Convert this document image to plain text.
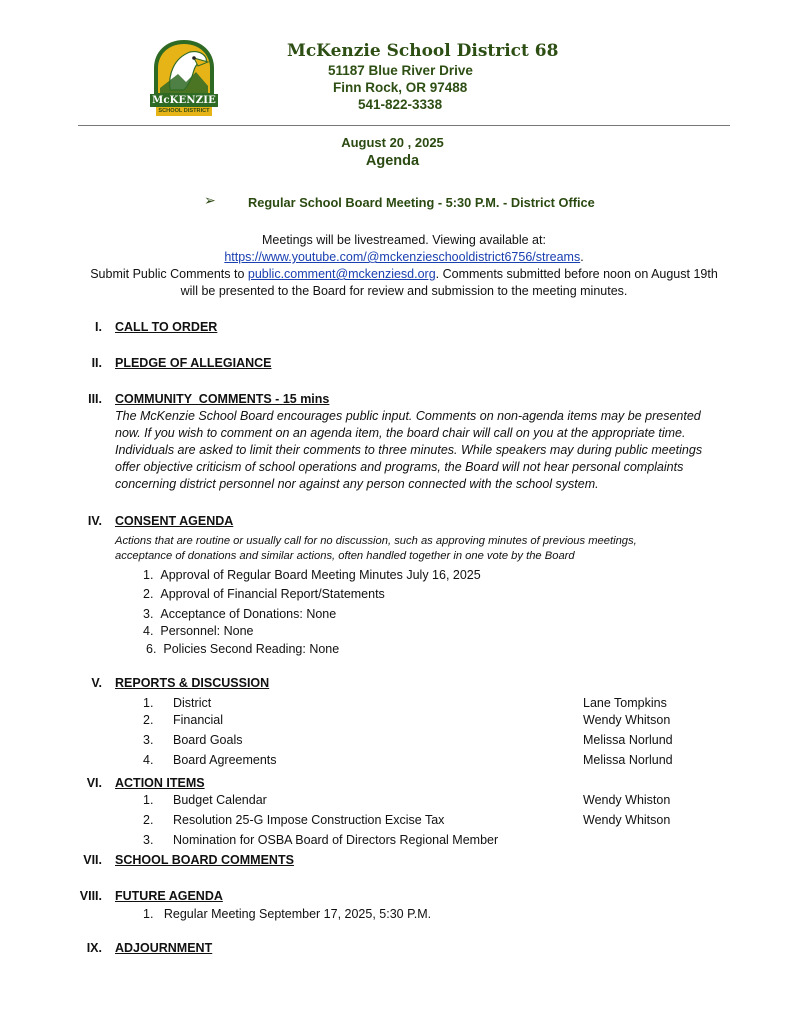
McKENZIE
SCHOOL DISTRICT
McKenzie School District 68
51187 Blue River Drive
Finn Rock, OR 97488
541-822-3338
August 20 , 2025
Agenda
➢	Regular School Board Meeting - 5:30 P.M. - District Office
Meetings will be livestreamed. Viewing available at:
https://www.youtube.com/@mckenzieschooldistrict6756/streams.
Submit Public Comments to public.comment@mckenziesd.org. Comments submitted before noon on August 19th
will be presented to the Board for review and submission to the meeting minutes.
I. CALL TO ORDER
II. PLEDGE OF ALLEGIANCE
III. COMMUNITY  COMMENTS - 15 mins
The McKenzie School Board encourages public input. Comments on non-agenda items may be presented
now. If you wish to comment on an agenda item, the board chair will call on you at the appropriate time.
Individuals are asked to limit their comments to three minutes. While speakers may during public meetings
offer objective criticism of school operations and programs, the Board will not hear personal complaints
concerning district personnel nor against any person connected with the school system.
IV. CONSENT AGENDA
Actions that are routine or usually call for no discussion, such as approving minutes of previous meetings,
acceptance of donations and similar actions, often handled together in one vote by the Board
1. Approval of Regular Board Meeting Minutes July 16, 2025
2. Approval of Financial Report/Statements
3. Acceptance of Donations: None
4. Personnel: None
6. Policies Second Reading: None
V. REPORTS & DISCUSSION
1. District	Lane Tompkins
2. Financial	Wendy Whitson
3. Board Goals	Melissa Norlund
4. Board Agreements	Melissa Norlund
VI. ACTION ITEMS
1. Budget Calendar	Wendy Whiston
2. Resolution 25-G Impose Construction Excise Tax	Wendy Whitson
3. Nomination for OSBA Board of Directors Regional Member
VII. SCHOOL BOARD COMMENTS
VIII. FUTURE AGENDA
1. Regular Meeting September 17, 2025, 5:30 P.M.
IX. ADJOURNMENT
